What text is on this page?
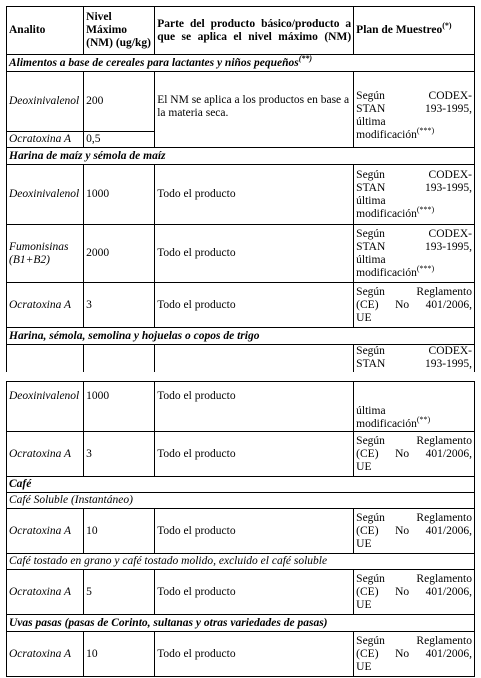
Analito	Nivel Máximo (NM) (ug/kg)	Parte del producto básico/producto a que se aplica el nivel máximo (NM)	Plan de Muestreo(*)
Alimentos a base de cereales para lactantes y niños pequeños(**)
Deoxinivalenol	200	El NM se aplica a los productos en base a la materia seca.	Según CODEX-
STAN 193-1995,
última
modificación(***)

Ocratoxina A	0,5		
Harina de maíz y sémola de maíz			
Deoxinivalenol	1000	Todo el producto	Según CODEX-
STAN 193-1995,
última
modificación(***)

Fumonisinas (B1+B2)	2000	Todo el producto	Según CODEX-
STAN 193-1995,
última
modificación(***)

Ocratoxina A	3	Todo el producto	Según Reglamento
(CE) No 401/2006,
UE

Harina, sémola, semolina y hojuelas o copos de trigo			

			Según CODEX-
STAN 193-1995,
Deoxinivalenol	1000	Todo el producto	última
modificación(**)

Ocratoxina A	3	Todo el producto	Según Reglamento
(CE) No 401/2006,
UE

Café			
Café Soluble (Instantáneo)			
Ocratoxina A	10	Todo el producto	Según Reglamento
(CE) No 401/2006,
UE

Café tostado en grano y café tostado molido, excluido el café soluble			
Ocratoxina A	5	Todo el producto	Según Reglamento
(CE) No 401/2006,
UE

Uvas pasas (pasas de Corinto, sultanas y otras variedades de pasas)			
Ocratoxina A	10	Todo el producto	Según Reglamento
(CE) No 401/2006,
UE
